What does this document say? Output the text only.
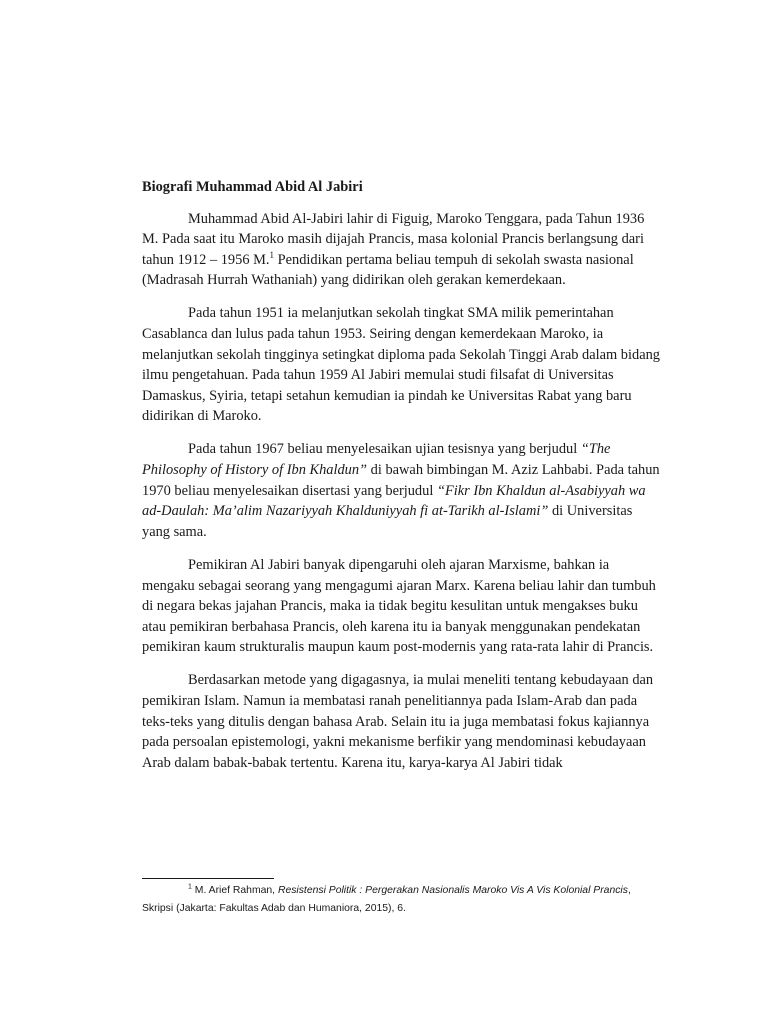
Biografi Muhammad Abid Al Jabiri

Muhammad Abid Al-Jabiri lahir di Figuig, Maroko Tenggara, pada Tahun 1936 M. Pada saat itu Maroko masih dijajah Prancis, masa kolonial Prancis berlangsung dari tahun 1912 – 1956 M.$^1$ Pendidikan pertama beliau tempuh di sekolah swasta nasional (Madrasah Hurrah Wathaniah) yang didirikan oleh gerakan kemerdekaan.

Pada tahun 1951 ia melanjutkan sekolah tingkat SMA milik pemerintahan Casablanca dan lulus pada tahun 1953. Seiring dengan kemerdekaan Maroko, ia melanjutkan sekolah tingginya setingkat diploma pada Sekolah Tinggi Arab dalam bidang ilmu pengetahuan. Pada tahun 1959 Al Jabiri memulai studi filsafat di Universitas Damaskus, Syiria, tetapi setahun kemudian ia pindah ke Universitas Rabat yang baru didirikan di Maroko.

Pada tahun 1967 beliau menyelesaikan ujian tesisnya yang berjudul “The Philosophy of History of Ibn Khaldun” di bawah bimbingan M. Aziz Lahbabi. Pada tahun 1970 beliau menyelesaikan disertasi yang berjudul “Fikr Ibn Khaldun al-Asabiyyah wa ad-Daulah: Ma’alim Nazariyyah Khalduniyyah fi at-Tarikh al-Islami” di Universitas yang sama.

Pemikiran Al Jabiri banyak dipengaruhi oleh ajaran Marxisme, bahkan ia mengaku sebagai seorang yang mengagumi ajaran Marx. Karena beliau lahir dan tumbuh di negara bekas jajahan Prancis, maka ia tidak begitu kesulitan untuk mengakses buku atau pemikiran berbahasa Prancis, oleh karena itu ia banyak menggunakan pendekatan pemikiran kaum strukturalis maupun kaum post-modernis yang rata-rata lahir di Prancis.

Berdasarkan metode yang digagasnya, ia mulai meneliti tentang kebudayaan dan pemikiran Islam. Namun ia membatasi ranah penelitiannya pada Islam-Arab dan pada teks-teks yang ditulis dengan bahasa Arab. Selain itu ia juga membatasi fokus kajiannya pada persoalan epistemologi, yakni mekanisme berfikir yang mendominasi kebudayaan Arab dalam babak-babak tertentu. Karena itu, karya-karya Al Jabiri tidak

$^1$ M. Arief Rahman, Resistensi Politik : Pergerakan Nasionalis Maroko Vis A Vis Kolonial Prancis, Skripsi (Jakarta: Fakultas Adab dan Humaniora, 2015), 6.
